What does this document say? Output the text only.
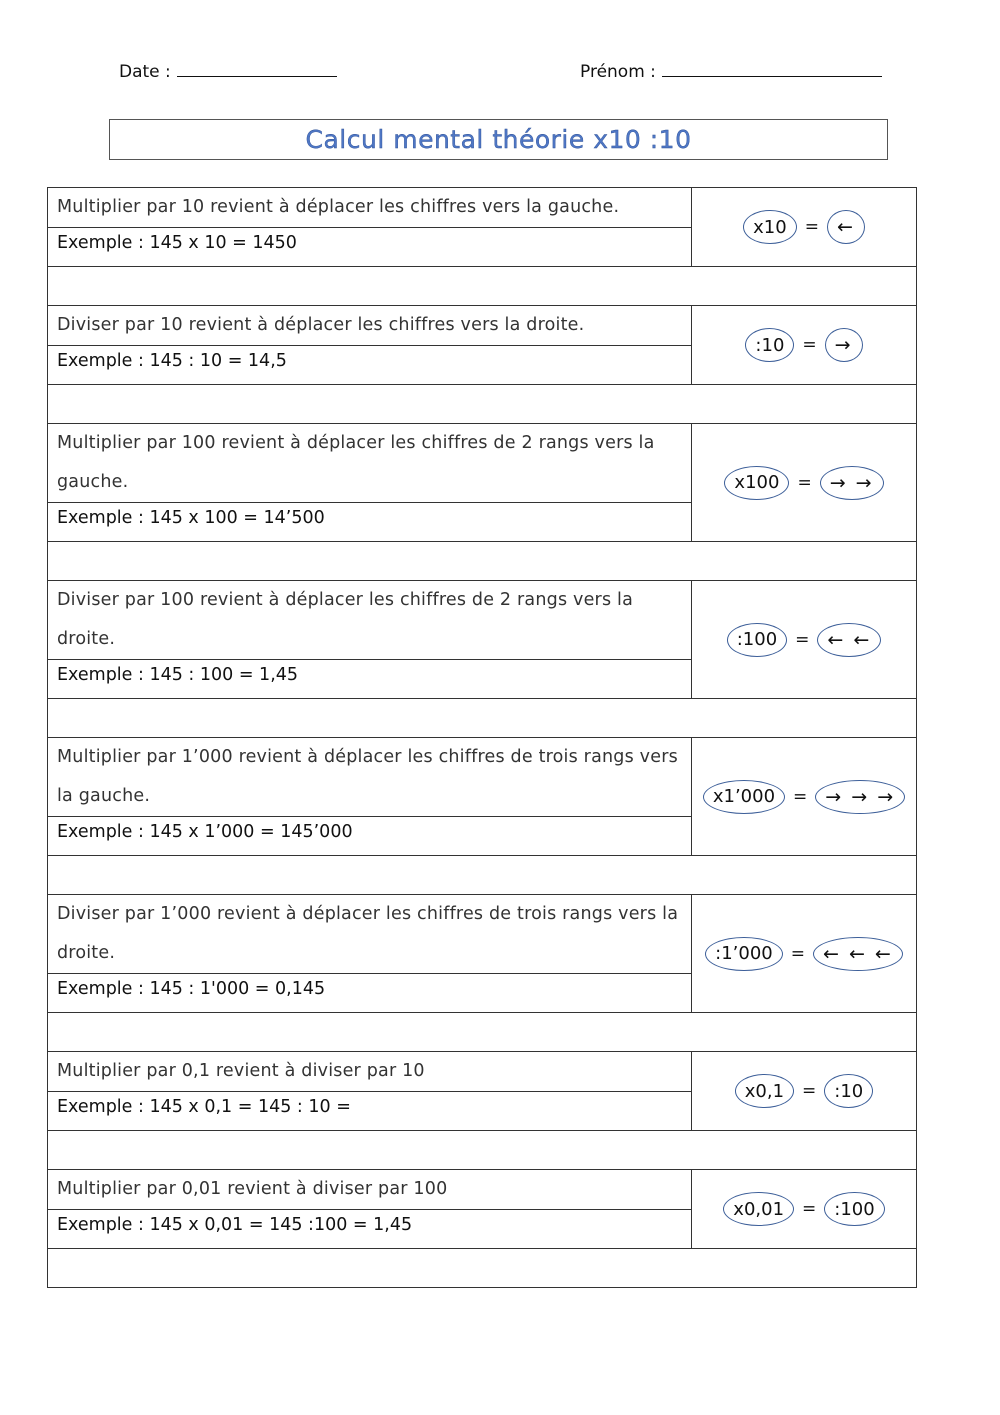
Date :	Prénom :
Calcul mental théorie x10 :10
Multiplier par 10 revient à déplacer les chiffres vers la gauche.
Exemple : 145 x 10 = 1450
x10	= ←
Diviser par 10 revient à déplacer les chiffres vers la droite.
Exemple : 145 : 10 = 14,5
:10	= →
Multiplier par 100 revient à déplacer les chiffres de 2 rangs vers la gauche.
Exemple : 145 x 100 = 14’500
x100	= → →
Diviser par 100 revient à déplacer les chiffres de 2 rangs vers la droite.
Exemple : 145 : 100 = 1,45
:100	= ← ←
Multiplier par 1’000 revient à déplacer les chiffres de trois rangs vers la gauche.
Exemple : 145 x 1’000 = 145’000
x1’000	= → → →
Diviser par 1’000 revient à déplacer les chiffres de trois rangs vers la droite.
Exemple : 145 : 1'000 = 0,145
:1’000	= ← ← ←
Multiplier par 0,1 revient à diviser par 10
Exemple : 145 x 0,1 = 145 : 10 =
x0,1	=	:10
Multiplier par 0,01 revient à diviser par 100
Exemple : 145 x 0,01 = 145 :100 = 1,45
x0,01	=	:100
